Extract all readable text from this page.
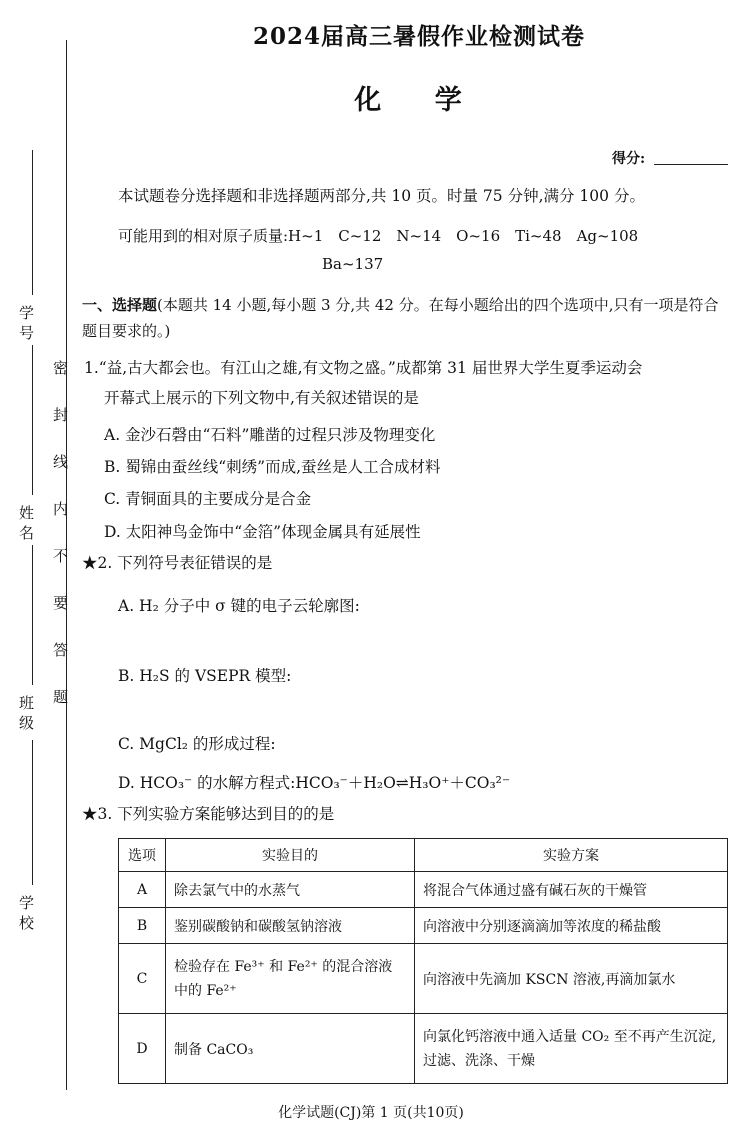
学 号
姓 名
班 级
学 校
密封线内不要答题
2024届高三暑假作业检测试卷
化 学
得分:
本试题卷分选择题和非选择题两部分,共 10 页。时量 75 分钟,满分 100 分。
可能用到的相对原子质量:H~1　C~12　N~14　O~16　Ti~48　Ag~108
Ba~137
一、选择题(本题共 14 小题,每小题 3 分,共 42 分。在每小题给出的四个选项中,只有一项是符合题目要求的。)
1.“益,古大都会也。有江山之雄,有文物之盛。”成都第 31 届世界大学生夏季运动会
开幕式上展示的下列文物中,有关叙述错误的是
A. 金沙石磬由“石料”雕凿的过程只涉及物理变化
B. 蜀锦由蚕丝线“刺绣”而成,蚕丝是人工合成材料
C. 青铜面具的主要成分是合金
D. 太阳神鸟金饰中“金箔”体现金属具有延展性
★2. 下列符号表征错误的是
A. H₂ 分子中 σ 键的电子云轮廓图:
B. H₂S 的 VSEPR 模型:
C. MgCl₂ 的形成过程:
D. HCO₃⁻ 的水解方程式:HCO₃⁻＋H₂O⇌H₃O⁺＋CO₃²⁻
★3. 下列实验方案能够达到目的的是
选项	实验目的	实验方案
A	除去氯气中的水蒸气	将混合气体通过盛有碱石灰的干燥管
B	鉴别碳酸钠和碳酸氢钠溶液	向溶液中分别逐滴滴加等浓度的稀盐酸
C	检验存在 Fe³⁺ 和 Fe²⁺ 的混合溶液中的 Fe²⁺	向溶液中先滴加 KSCN 溶液,再滴加氯水
D	制备 CaCO₃	向氯化钙溶液中通入适量 CO₂ 至不再产生沉淀,过滤、洗涤、干燥
化学试题(CJ)第 1 页(共10页)
